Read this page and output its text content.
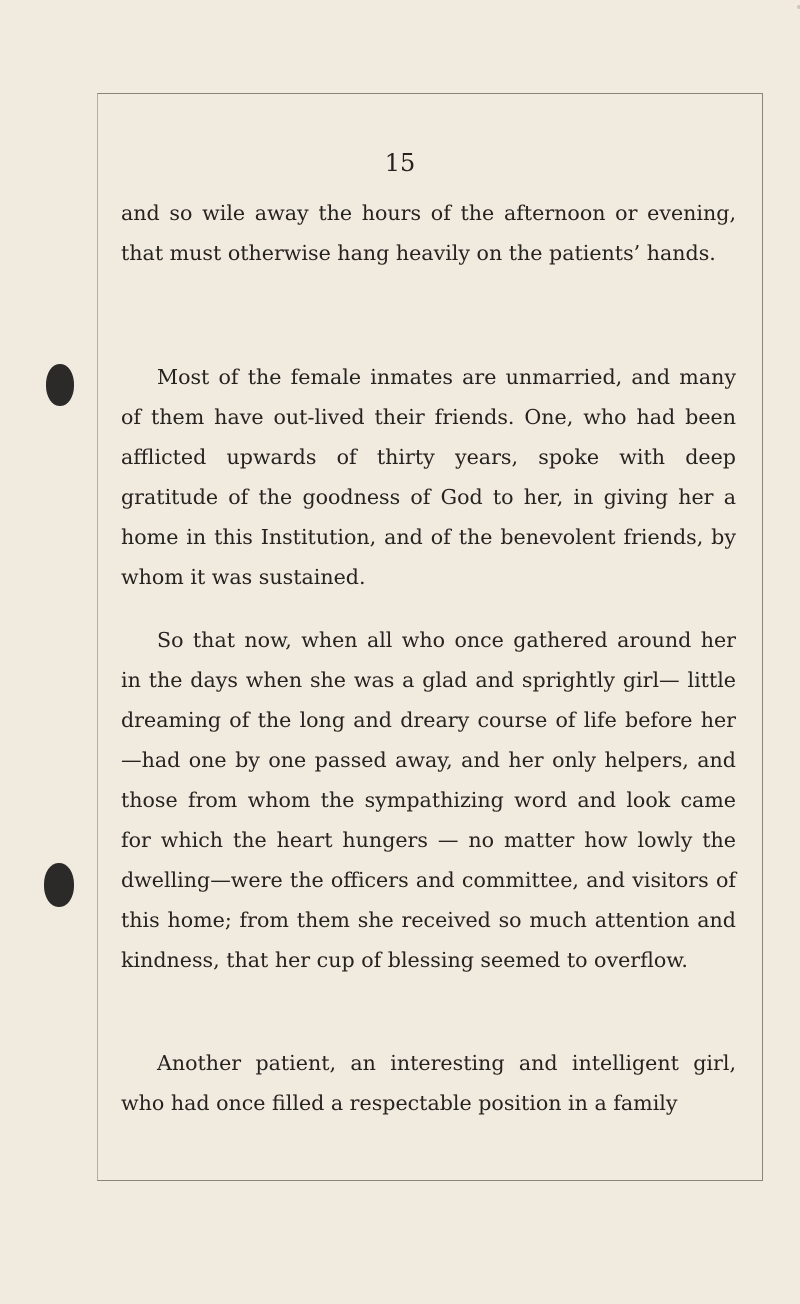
15

and so wile away the hours of the afternoon or evening, that must otherwise hang heavily on the patients’ hands.

Most of the female inmates are unmarried, and many of them have out-lived their friends. One, who had been afflicted upwards of thirty years, spoke with deep gratitude of the goodness of God to her, in giving her a home in this Institution, and of the benevolent friends, by whom it was sustained.

So that now, when all who once gathered around her in the days when she was a glad and sprightly girl— little dreaming of the long and dreary course of life before her—had one by one passed away, and her only helpers, and those from whom the sympathizing word and look came for which the heart hungers — no matter how lowly the dwelling—were the officers and committee, and visitors of this home; from them she received so much attention and kindness, that her cup of blessing seemed to overflow.

Another patient, an interesting and intelligent girl, who had once filled a respectable position in a family
